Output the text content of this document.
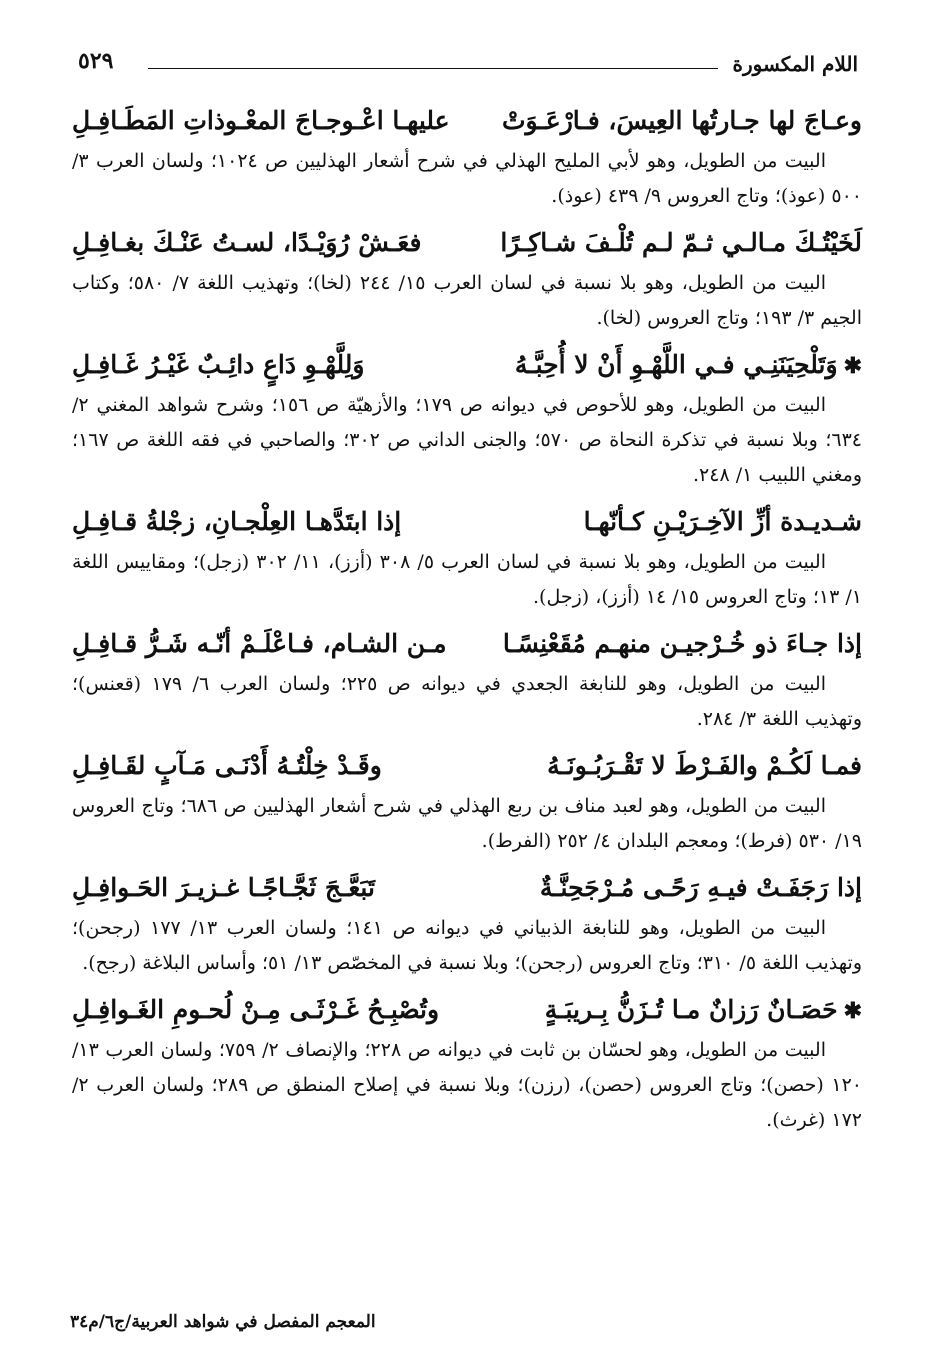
اللام المكسورة
٥٢٩
وعـاجَ لها جـارتُها العِيسَ، فـارْعَـوَتْ
عليهـا اعْـوجـاجَ المعْـوذاتِ المَطَـافِـلِ

البيت من الطويل، وهو لأبي المليح الهذلي في شرح أشعار الهذليين ص ١٠٢٤؛ ولسان العرب ٣/ ٥٠٠ (عوذ)؛ وتاج العروس ٩/ ٤٣٩ (عوذ).

لَخَيْتُـكَ مـالـي ثـمّ لـم تُلْـفَ شـاكِـرًا
فعَـشْ رُوَيْـدًا، لسـتُ عَنْـكَ بغـافِـلِ

البيت من الطويل، وهو بلا نسبة في لسان العرب ١٥/ ٢٤٤ (لخا)؛ وتهذيب اللغة ٧/ ٥٨٠؛ وكتاب الجيم ٣/ ١٩٣؛ وتاج العروس (لخا).

✱وَتَلْحِيَنَنِـي فـي اللَّهْـوِ أَنْ لا أُحِبَّـهُ
وَلِلَّهْـوِ دَاعٍ دائِـبٌ غَيْـرُ غَـافِـلِ

البيت من الطويل، وهو للأحوص في ديوانه ص ١٧٩؛ والأزهيّة ص ١٥٦؛ وشرح شواهد المغني ٢/ ٦٣٤؛ وبلا نسبة في تذكرة النحاة ص ٥٧٠؛ والجنى الداني ص ٣٠٢؛ والصاحبي في فقه اللغة ص ١٦٧؛ ومغني اللبيب ١/ ٢٤٨.

شـديـدة أزِّ الآخِـرَيْـنِ كـأنّهـا
إذا ابتَدَّهـا العِلْجـانِ، زجْلةُ قـافِـلِ

البيت من الطويل، وهو بلا نسبة في لسان العرب ٥/ ٣٠٨ (أزز)، ١١/ ٣٠٢ (زجل)؛ ومقاييس اللغة ١/ ١٣؛ وتاج العروس ١٥/ ١٤ (أزز)، (زجل).

إذا جـاءَ ذو خُـرْجيـن منهـم مُقَعْنِسًـا
مـن الشـام، فـاعْلَـمْ أنّـه شَـرُّ قـافِـلِ

البيت من الطويل، وهو للنابغة الجعدي في ديوانه ص ٢٢٥؛ ولسان العرب ٦/ ١٧٩ (قعنس)؛ وتهذيب اللغة ٣/ ٢٨٤.

فمـا لَكُـمْ والفَـرْطَ لا تَقْـرَبُـونَـهُ
وقَـدْ خِلْتُـهُ أَدْنَـى مَـآبٍ لقَـافِـلِ

البيت من الطويل، وهو لعبد مناف بن ربع الهذلي في شرح أشعار الهذليين ص ٦٨٦؛ وتاج العروس ١٩/ ٥٣٠ (فرط)؛ ومعجم البلدان ٤/ ٢٥٢ (الفرط).

إذا رَجَفَـتْ فيـهِ رَحًـى مُـرْجَحِنَّـةٌ
تَبَعَّـجَ ثَجَّـاجًـا غـزيـرَ الحَـوافِـلِ

البيت من الطويل، وهو للنابغة الذبياني في ديوانه ص ١٤١؛ ولسان العرب ١٣/ ١٧٧ (رجحن)؛ وتهذيب اللغة ٥/ ٣١٠؛ وتاج العروس (رجحن)؛ وبلا نسبة في المخصّص ١٣/ ٥١؛ وأساس البلاغة (رجح).

✱حَصَـانٌ رَزانٌ مـا تُـزَنُّ بِـريبَـةٍ
وتُصْبِـحُ غَـرْثَـى مِـنْ لُحـومِ الغَـوافِـلِ

البيت من الطويل، وهو لحسّان بن ثابت في ديوانه ص ٢٢٨؛ والإنصاف ٢/ ٧٥٩؛ ولسان العرب ١٣/ ١٢٠ (حصن)؛ وتاج العروس (حصن)، (رزن)؛ وبلا نسبة في إصلاح المنطق ص ٢٨٩؛ ولسان العرب ٢/ ١٧٢ (غرث).

المعجم المفصل في شواهد العربية/ج٦/م٣٤
